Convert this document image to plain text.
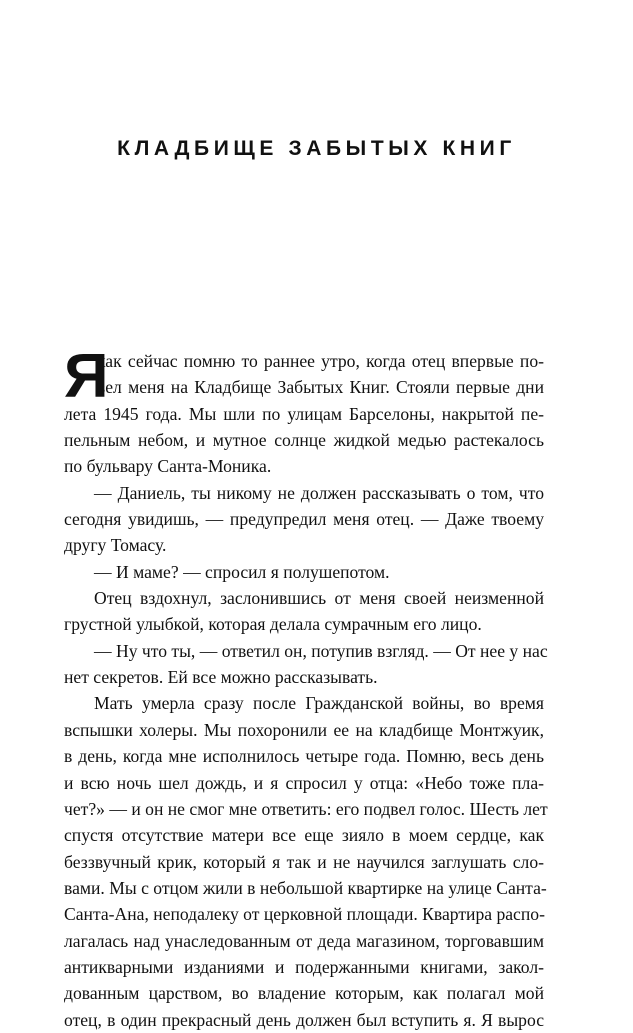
КЛАДБИЩЕ ЗАБЫТЫХ КНИГ
Я
как сейчас помню то раннее утро, когда отец впервые по-
вел меня на Кладбище Забытых Книг. Стояли первые дни
лета 1945 года. Мы шли по улицам Барселоны, накрытой пе-
пельным небом, и мутное солнце жидкой медью растекалось
по бульвару Санта-Моника.
— Даниель, ты никому не должен рассказывать о том, что
сегодня увидишь, — предупредил меня отец. — Даже твоему
другу Томасу.
— И маме? — спросил я полушепотом.
Отец вздохнул, заслонившись от меня своей неизменной
грустной улыбкой, которая делала сумрачным его лицо.
— Ну что ты, — ответил он, потупив взгляд. — От нее у нас
нет секретов. Ей все можно рассказывать.
Мать умерла сразу после Гражданской войны, во время
вспышки холеры. Мы похоронили ее на кладбище Монтжуик,
в день, когда мне исполнилось четыре года. Помню, весь день
и всю ночь шел дождь, и я спросил у отца: «Небо тоже пла-
чет?» — и он не смог мне ответить: его подвел голос. Шесть лет
спустя отсутствие матери все еще зияло в моем сердце, как
беззвучный крик, который я так и не научился заглушать сло-
вами. Мы с отцом жили в небольшой квартирке на улице Санта-
Санта-Ана, неподалеку от церковной площади. Квартира распо-
лагалась над унаследованным от деда магазином, торговавшим
антикварными изданиями и подержанными книгами, закол-
дованным царством, во владение которым, как полагал мой
отец, в один прекрасный день должен был вступить я. Я вырос
